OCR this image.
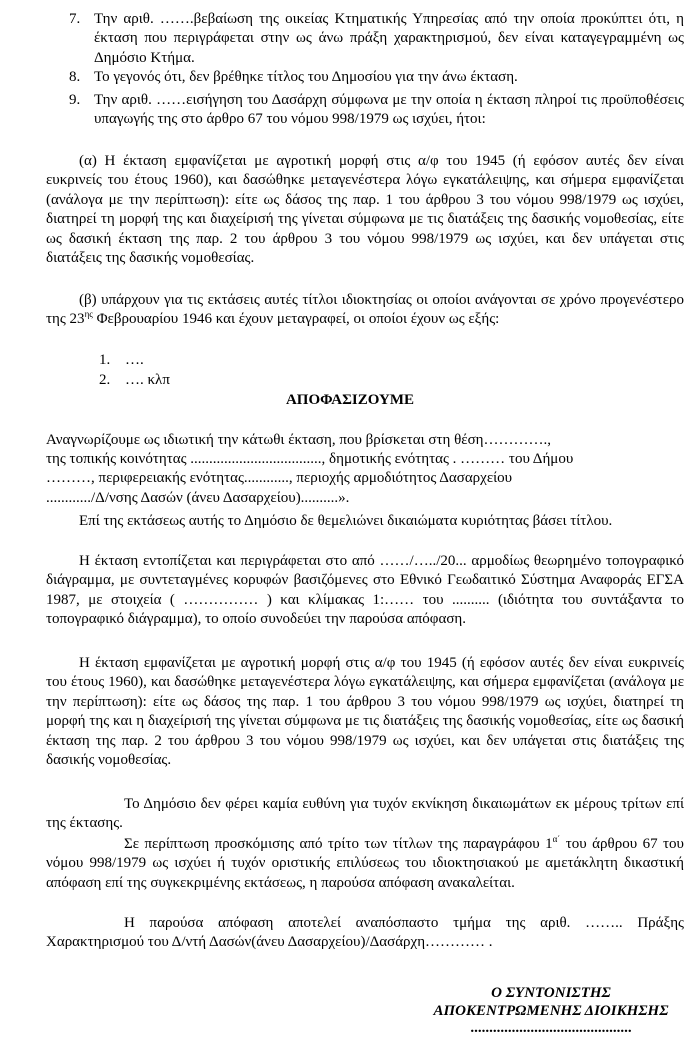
7. Την αριθ. …….βεβαίωση της οικείας Κτηματικής Υπηρεσίας από την οποία προκύπτει ότι, η έκταση που περιγράφεται στην ως άνω πράξη χαρακτηρισμού, δεν είναι καταγεγραμμένη ως Δημόσιο Κτήμα.
8. Το γεγονός ότι, δεν βρέθηκε τίτλος του Δημοσίου για την άνω έκταση.
9. Την αριθ. ……εισήγηση του Δασάρχη σύμφωνα με την οποία η έκταση πληροί τις προϋποθέσεις υπαγωγής της στο άρθρο 67 του νόμου 998/1979 ως ισχύει, ήτοι:
(α) Η έκταση εμφανίζεται με αγροτική μορφή στις α/φ του 1945 (ή εφόσον αυτές δεν είναι ευκρινείς του έτους 1960), και δασώθηκε μεταγενέστερα λόγω εγκατάλειψης, και σήμερα εμφανίζεται (ανάλογα με την περίπτωση): είτε ως δάσος της παρ. 1 του άρθρου 3 του νόμου 998/1979 ως ισχύει, διατηρεί τη μορφή της και διαχείρισή της γίνεται σύμφωνα με τις διατάξεις της δασικής νομοθεσίας, είτε ως δασική έκταση της παρ. 2 του άρθρου 3 του νόμου 998/1979 ως ισχύει, και δεν υπάγεται στις διατάξεις της δασικής νομοθεσίας.
(β) υπάρχουν για τις εκτάσεις αυτές τίτλοι ιδιοκτησίας οι οποίοι ανάγονται σε χρόνο προγενέστερο της $23^{\eta\varsigma}$ Φεβρουαρίου 1946 και έχουν μεταγραφεί, οι οποίοι έχουν ως εξής:
1. ….
2. …. κλπ
ΑΠΟΦΑΣΙΖΟΥΜΕ
Αναγνωρίζουμε ως ιδιωτική την κάτωθι έκταση, που βρίσκεται στη θέση………….,
της τοπικής κοινότητας ..................................., δημοτικής ενότητας . ……… του Δήμου
………, περιφερειακής ενότητας............, περιοχής αρμοδιότητος Δασαρχείου
............/Δ/νσης Δασών (άνευ Δασαρχείου)..........».
Επί της εκτάσεως αυτής το Δημόσιο δε θεμελιώνει δικαιώματα κυριότητας βάσει τίτλου.
Η έκταση εντοπίζεται και περιγράφεται στο από ……/…../20... αρμοδίως θεωρημένο τοπογραφικό διάγραμμα, με συντεταγμένες κορυφών βασιζόμενες στο Εθνικό Γεωδαιτικό Σύστημα Αναφοράς ΕΓΣΑ 1987, με στοιχεία ( …………… ) και κλίμακας 1:…… του .......... (ιδιότητα του συντάξαντα το τοπογραφικό διάγραμμα), το οποίο συνοδεύει την παρούσα απόφαση.
Η έκταση εμφανίζεται με αγροτική μορφή στις α/φ του 1945 (ή εφόσον αυτές δεν είναι ευκρινείς του έτους 1960), και δασώθηκε μεταγενέστερα λόγω εγκατάλειψης, και σήμερα εμφανίζεται (ανάλογα με την περίπτωση): είτε ως δάσος της παρ. 1 του άρθρου 3 του νόμου 998/1979 ως ισχύει, διατηρεί τη μορφή της και η διαχείρισή της γίνεται σύμφωνα με τις διατάξεις της δασικής νομοθεσίας, είτε ως δασική έκταση της παρ. 2 του άρθρου 3 του νόμου 998/1979 ως ισχύει, και δεν υπάγεται στις διατάξεις της δασικής νομοθεσίας.
Το Δημόσιο δεν φέρει καμία ευθύνη για τυχόν εκνίκηση δικαιωμάτων εκ μέρους τρίτων επί της έκτασης.
Σε περίπτωση προσκόμισης από τρίτο των τίτλων της παραγράφου $1^{\alpha΄}$ του άρθρου 67 του νόμου 998/1979 ως ισχύει ή τυχόν οριστικής επιλύσεως του ιδιοκτησιακού με αμετάκλητη δικαστική απόφαση επί της συγκεκριμένης εκτάσεως, η παρούσα απόφαση ανακαλείται.
Η παρούσα απόφαση αποτελεί αναπόσπαστο τμήμα της αριθ. …….. Πράξης Χαρακτηρισμού του Δ/ντή Δασών(άνευ Δασαρχείου)/Δασάρχη………… .
Ο ΣΥΝΤΟΝΙΣΤΗΣ
ΑΠΟΚΕΝΤΡΩΜΕΝΗΣ ΔΙΟΙΚΗΣΗΣ
...........................................
